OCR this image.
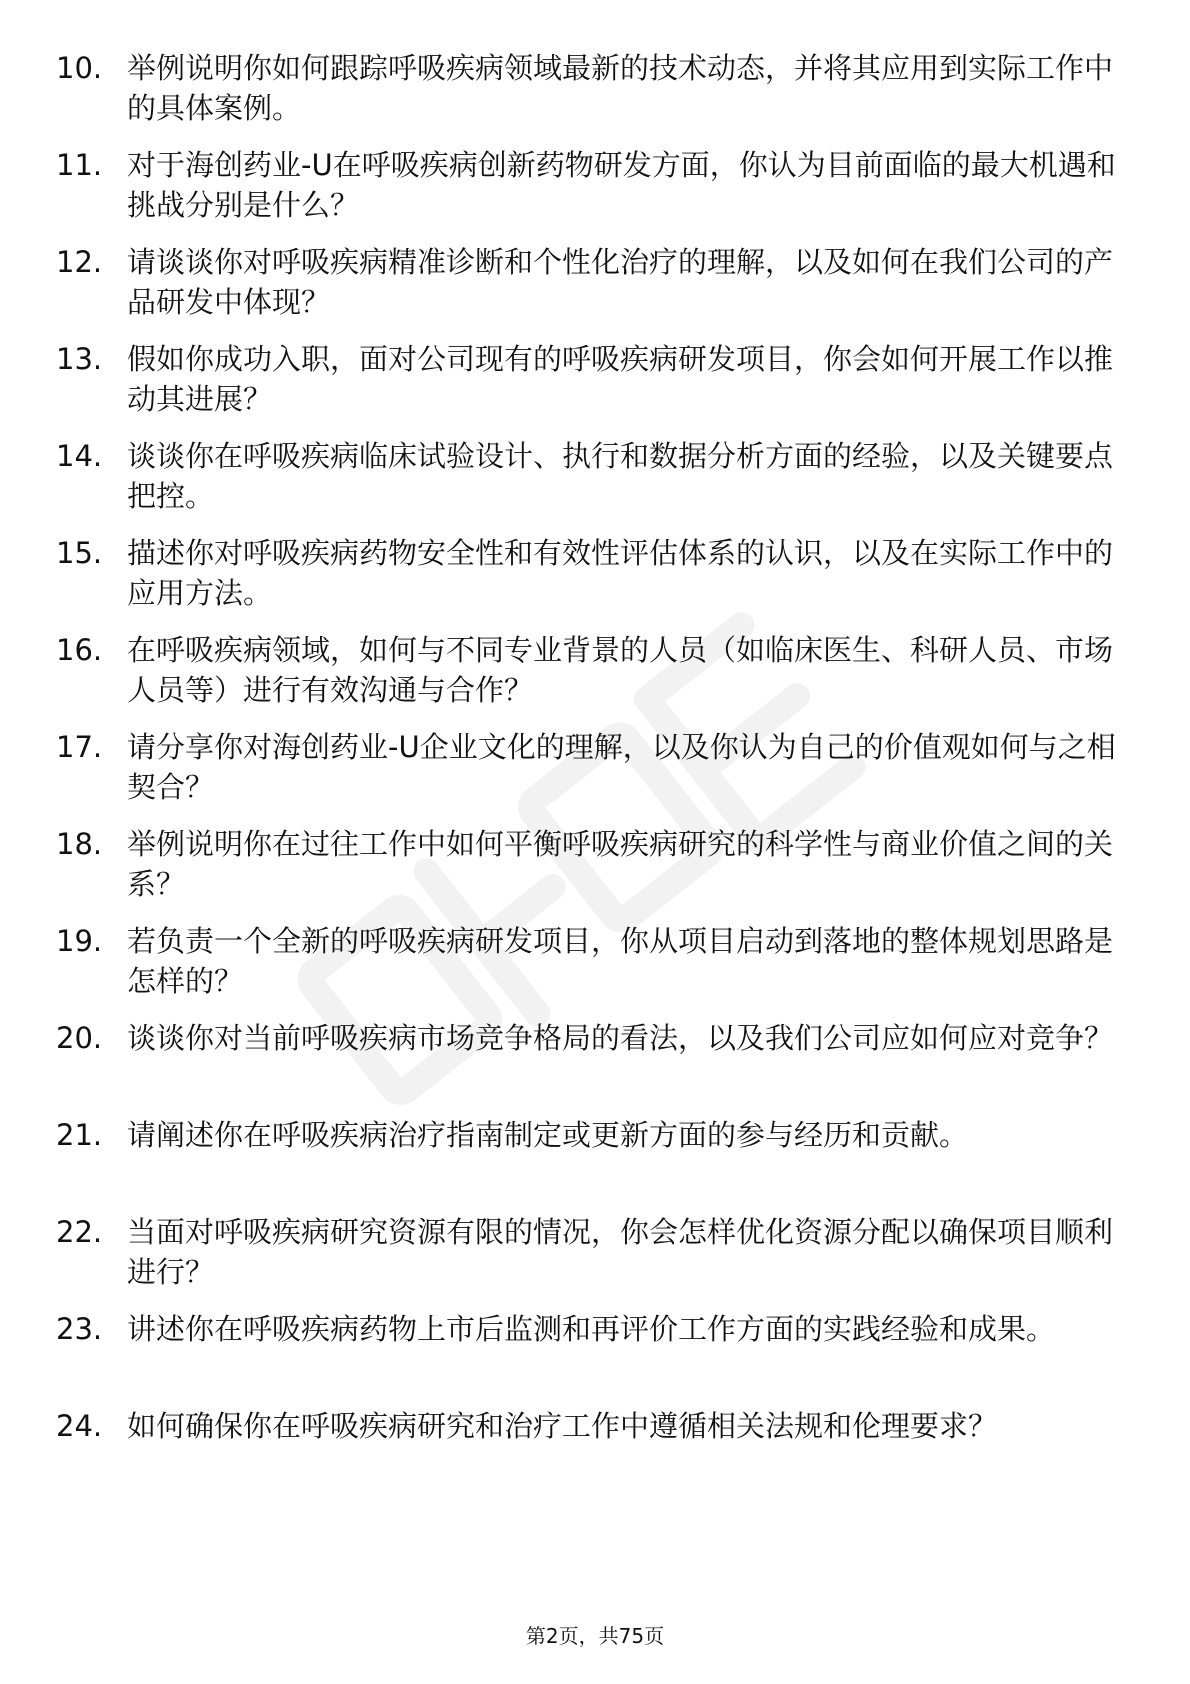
10. 举例说明你如何跟踪呼吸疾病领域最新的技术动态，并将其应用到实际工作中的具体案例。
11. 对于海创药业-U在呼吸疾病创新药物研发方面，你认为目前面临的最大机遇和挑战分别是什么？
12. 请谈谈你对呼吸疾病精准诊断和个性化治疗的理解，以及如何在我们公司的产品研发中体现？
13. 假如你成功入职，面对公司现有的呼吸疾病研发项目，你会如何开展工作以推动其进展？
14. 谈谈你在呼吸疾病临床试验设计、执行和数据分析方面的经验，以及关键要点把控。
15. 描述你对呼吸疾病药物安全性和有效性评估体系的认识，以及在实际工作中的应用方法。
16. 在呼吸疾病领域，如何与不同专业背景的人员（如临床医生、科研人员、市场人员等）进行有效沟通与合作？
17. 请分享你对海创药业-U企业文化的理解，以及你认为自己的价值观如何与之相契合？
18. 举例说明你在过往工作中如何平衡呼吸疾病研究的科学性与商业价值之间的关系？
19. 若负责一个全新的呼吸疾病研发项目，你从项目启动到落地的整体规划思路是怎样的？
20. 谈谈你对当前呼吸疾病市场竞争格局的看法，以及我们公司应如何应对竞争？
21. 请阐述你在呼吸疾病治疗指南制定或更新方面的参与经历和贡献。
22. 当面对呼吸疾病研究资源有限的情况，你会怎样优化资源分配以确保项目顺利进行？
23. 讲述你在呼吸疾病药物上市后监测和再评价工作方面的实践经验和成果。
24. 如何确保你在呼吸疾病研究和治疗工作中遵循相关法规和伦理要求？
第2页，共75页
